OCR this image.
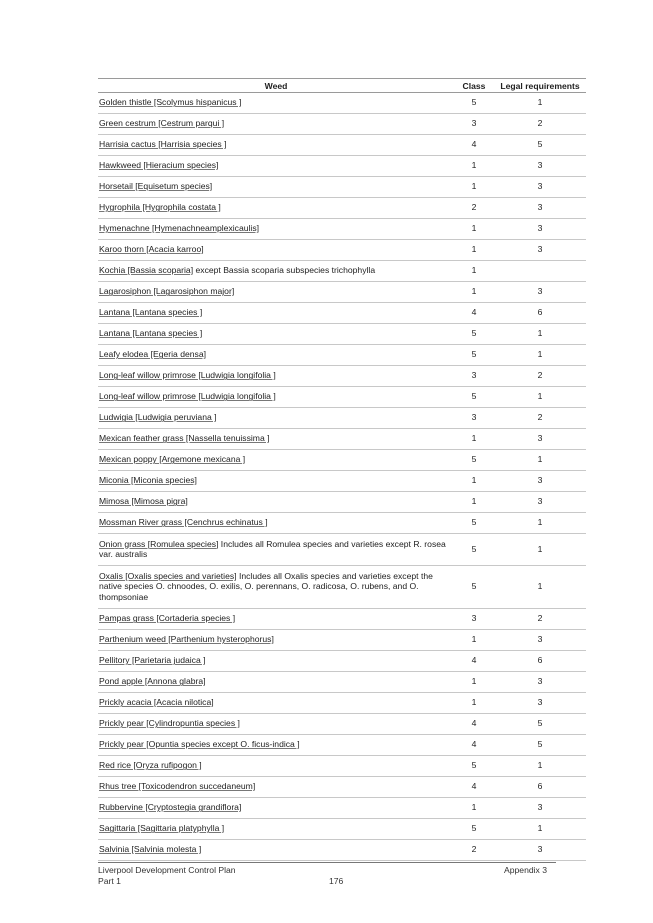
Weed	Class	Legal requirements
Golden thistle [Scolymus hispanicus ]	5	1
Green cestrum [Cestrum parqui ]	3	2
Harrisia cactus [Harrisia species ]	4	5
Hawkweed [Hieracium species]	1	3
Horsetail [Equisetum species]	1	3
Hygrophila [Hygrophila costata ]	2	3
Hymenachne [Hymenachneamplexicaulis]	1	3
Karoo thorn [Acacia karroo]	1	3
Kochia [Bassia scoparia] except Bassia scoparia subspecies trichophylla	1	
Lagarosiphon [Lagarosiphon major]	1	3
Lantana [Lantana species ]	4	6
Lantana [Lantana species ]	5	1
Leafy elodea [Egeria densa]	5	1
Long-leaf willow primrose [Ludwigia longifolia ]	3	2
Long-leaf willow primrose [Ludwigia longifolia ]	5	1
Ludwigia [Ludwigia peruviana ]	3	2
Mexican feather grass [Nassella tenuissima ]	1	3
Mexican poppy [Argemone mexicana ]	5	1
Miconia [Miconia species]	1	3
Mimosa [Mimosa pigra]	1	3
Mossman River grass [Cenchrus echinatus ]	5	1
Onion grass [Romulea species] Includes all Romulea species and varieties except R. rosea var. australis	5	1
Oxalis [Oxalis species and varieties] Includes all Oxalis species and varieties except the native species O. chnoodes, O. exilis, O. perennans, O. radicosa, O. rubens, and O. thompsoniae	5	1
Pampas grass [Cortaderia species ]	3	2
Parthenium weed [Parthenium hysterophorus]	1	3
Pellitory [Parietaria judaica ]	4	6
Pond apple [Annona glabra]	1	3
Prickly acacia [Acacia nilotica]	1	3
Prickly pear [Cylindropuntia species ]	4	5
Prickly pear [Opuntia species except O. ficus-indica ]	4	5
Red rice [Oryza rufipogon ]	5	1
Rhus tree [Toxicodendron succedaneum]	4	6
Rubbervine [Cryptostegia grandiflora]	1	3
Sagittaria [Sagittaria platyphylla ]	5	1
Salvinia [Salvinia molesta ]	2	3
Liverpool Development Control Plan
Part 1	176
Appendix 3
